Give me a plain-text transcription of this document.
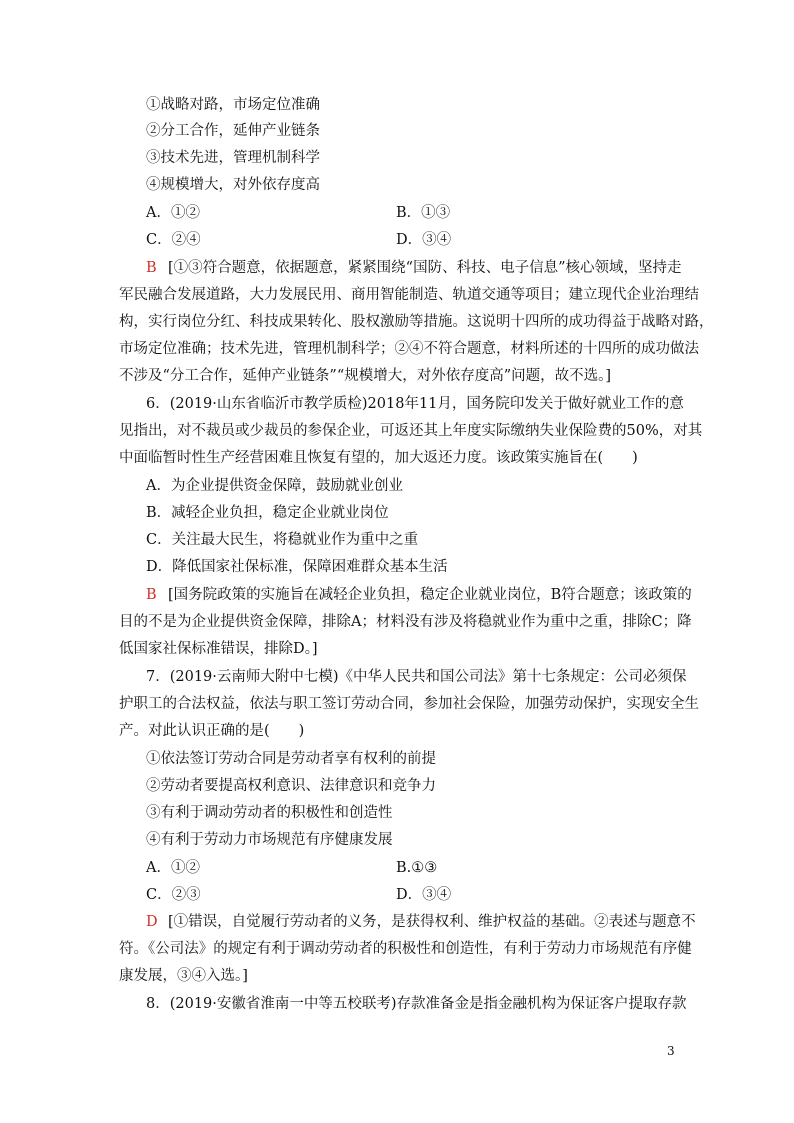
①战略对路，市场定位准确
②分工合作，延伸产业链条
③技术先进，管理机制科学
④规模增大，对外依存度高
A．①②	B．①③
C．②④	D．③④
B [①③符合题意，依据题意，紧紧围绕“国防、科技、电子信息”核心领域，坚持走
军民融合发展道路，大力发展民用、商用智能制造、轨道交通等项目；建立现代企业治理结
构，实行岗位分红、科技成果转化、股权激励等措施。这说明十四所的成功得益于战略对路，
市场定位准确；技术先进，管理机制科学；②④不符合题意，材料所述的十四所的成功做法
不涉及“分工合作，延伸产业链条”“规模增大，对外依存度高”问题，故不选。]
6．(2019·山东省临沂市教学质检)2018年11月，国务院印发关于做好就业工作的意
见指出，对不裁员或少裁员的参保企业，可返还其上年度实际缴纳失业保险费的50%，对其
中面临暂时性生产经营困难且恢复有望的，加大返还力度。该政策实施旨在(　　)
A．为企业提供资金保障，鼓励就业创业
B．减轻企业负担，稳定企业就业岗位
C．关注最大民生，将稳就业作为重中之重
D．降低国家社保标准，保障困难群众基本生活
B [国务院政策的实施旨在减轻企业负担，稳定企业就业岗位，B符合题意；该政策的
目的不是为企业提供资金保障，排除A；材料没有涉及将稳就业作为重中之重，排除C；降
低国家社保标准错误，排除D。]
7．(2019·云南师大附中七模)《中华人民共和国公司法》第十七条规定：公司必须保
护职工的合法权益，依法与职工签订劳动合同，参加社会保险，加强劳动保护，实现安全生
产。对此认识正确的是(　　)
①依法签订劳动合同是劳动者享有权利的前提
②劳动者要提高权利意识、法律意识和竞争力
③有利于调动劳动者的积极性和创造性
④有利于劳动力市场规范有序健康发展
A．①②	B.①③
C．②③	D．③④
D [①错误，自觉履行劳动者的义务，是获得权利、维护权益的基础。②表述与题意不
符。《公司法》的规定有利于调动劳动者的积极性和创造性，有利于劳动力市场规范有序健
康发展，③④入选。]
8．(2019·安徽省淮南一中等五校联考)存款准备金是指金融机构为保证客户提取存款
3
